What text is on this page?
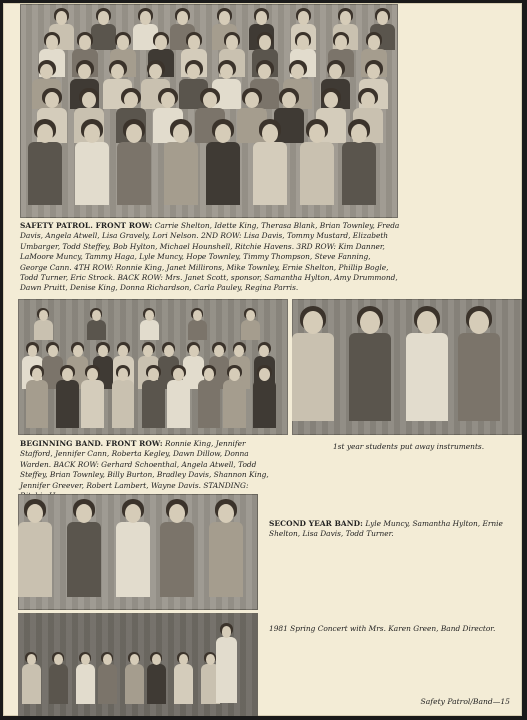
SAFETY PATROL. FRONT ROW: Carrie Shelton, Idette King, Therasa Blank, Brian Townley, Freda Davis, Angela Atwell, Lisa Gravely, Lori Nelson. 2ND ROW: Lisa Davis, Tommy Mustard, Elizabeth Umbarger, Todd Steffey, Bob Hylton, Michael Hounshell, Ritchie Havens. 3RD ROW: Kim Danner, LaMoore Muncy, Tammy Haga, Lyle Muncy, Hope Townley, Timmy Thompson, Steve Fanning, George Cann. 4TH ROW: Ronnie King, Janet Millirons, Mike Townley, Ernie Shelton, Phillip Bogle, Todd Turner, Eric Strock. BACK ROW: Mrs. Janet Scott, sponsor, Samantha Hylton, Amy Drummond, Dawn Pruitt, Denise King, Donna Richardson, Carla Pauley, Regina Parris.

BEGINNING BAND. FRONT ROW: Ronnie King, Jennifer Stafford, Jennifer Cann, Roberta Kegley, Dawn Dillow, Donna Warden. BACK ROW: Gerhard Schoenthal, Angela Atwell, Todd Steffey, Brian Townley, Billy Burton, Bradley Davis, Shannon King, Jennifer Greever, Robert Lambert, Wayne Davis. STANDING:

1st year students put away instruments.

SECOND YEAR BAND: Lyle Muncy, Samantha Hylton, Ernie Shelton, Lisa Davis, Todd Turner.

1981 Spring Concert with Mrs. Karen Green, Band Director.

Safety Patrol/Band—15
